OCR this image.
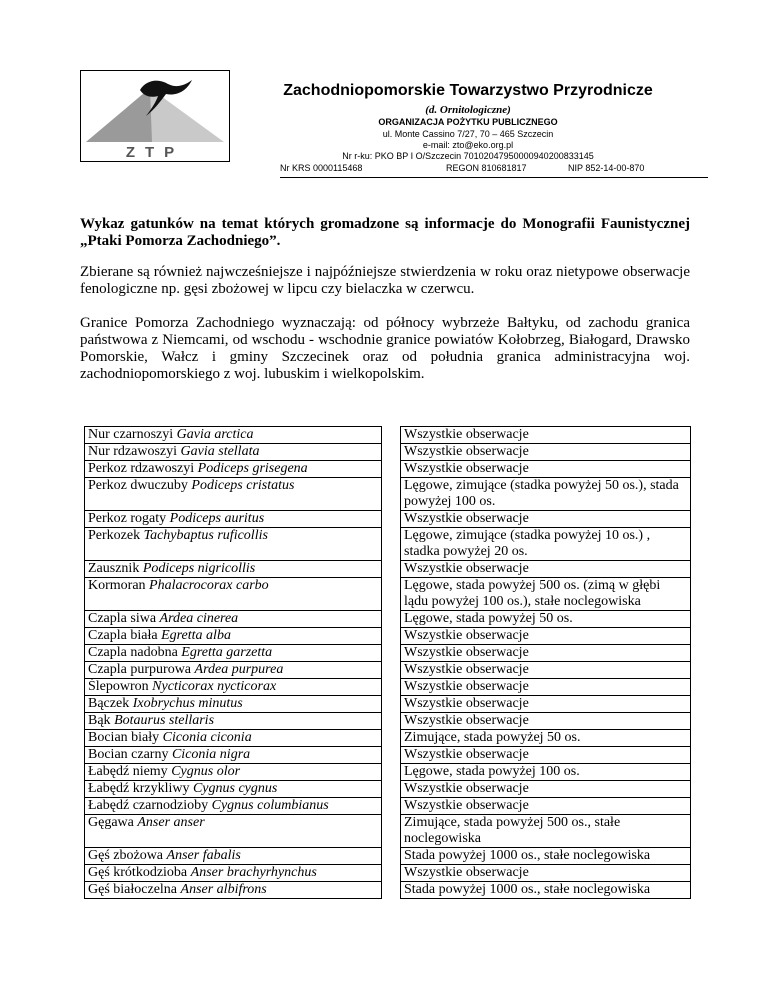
ZTP
Zachodniopomorskie Towarzystwo Przyrodnicze
(d. Ornitologiczne)
ORGANIZACJA POŻYTKU PUBLICZNEGO
ul. Monte Cassino 7/27, 70 – 465 Szczecin
e-mail: zto@eko.org.pl
Nr r-ku: PKO BP I O/Szczecin 70102047950000940200833145
Nr KRS 0000115468	REGON 810681817	NIP 852-14-00-870
Wykaz gatunków na temat których gromadzone są informacje do Monografii Faunistycznej „Ptaki Pomorza Zachodniego”.
Zbierane są również najwcześniejsze i najpóźniejsze stwierdzenia w roku oraz nietypowe obserwacje fenologiczne np. gęsi zbożowej w lipcu czy bielaczka w czerwcu.
Granice Pomorza Zachodniego wyznaczają: od północy wybrzeże Bałtyku, od zachodu granica państwowa z Niemcami, od wschodu - wschodnie granice powiatów Kołobrzeg, Białogard, Drawsko Pomorskie, Wałcz i gminy Szczecinek oraz od południa granica administracyjna woj. zachodniopomorskiego z woj. lubuskim i wielkopolskim.
Nur czarnoszyi Gavia arctica		Wszystkie obserwacje
Nur rdzawoszyi Gavia stellata		Wszystkie obserwacje
Perkoz rdzawoszyi Podiceps grisegena		Wszystkie obserwacje
Perkoz dwuczuby Podiceps cristatus		Lęgowe, zimujące (stadka powyżej 50 os.), stada powyżej 100 os.
Perkoz rogaty Podiceps auritus		Wszystkie obserwacje
Perkozek Tachybaptus ruficollis		Lęgowe, zimujące (stadka powyżej 10 os.) , stadka powyżej 20 os.
Zausznik Podiceps nigricollis		Wszystkie obserwacje
Kormoran Phalacrocorax carbo		Lęgowe, stada powyżej 500 os. (zimą w głębi lądu powyżej 100 os.), stałe noclegowiska
Czapla siwa Ardea cinerea		Lęgowe, stada powyżej 50 os.
Czapla biała Egretta alba		Wszystkie obserwacje
Czapla nadobna Egretta garzetta		Wszystkie obserwacje
Czapla purpurowa Ardea purpurea		Wszystkie obserwacje
Ślepowron Nycticorax nycticorax		Wszystkie obserwacje
Bączek Ixobrychus minutus		Wszystkie obserwacje
Bąk Botaurus stellaris		Wszystkie obserwacje
Bocian biały Ciconia ciconia		Zimujące, stada powyżej 50 os.
Bocian czarny Ciconia nigra		Wszystkie obserwacje
Łabędź niemy Cygnus olor		Lęgowe, stada powyżej 100 os.
Łabędź krzykliwy Cygnus cygnus		Wszystkie obserwacje
Łabędź czarnodzioby Cygnus columbianus		Wszystkie obserwacje
Gęgawa Anser anser		Zimujące, stada powyżej 500 os., stałe noclegowiska
Gęś zbożowa Anser fabalis		Stada powyżej 1000 os., stałe noclegowiska
Gęś krótkodzioba Anser brachyrhynchus		Wszystkie obserwacje
Gęś białoczelna Anser albifrons		Stada powyżej 1000 os., stałe noclegowiska
